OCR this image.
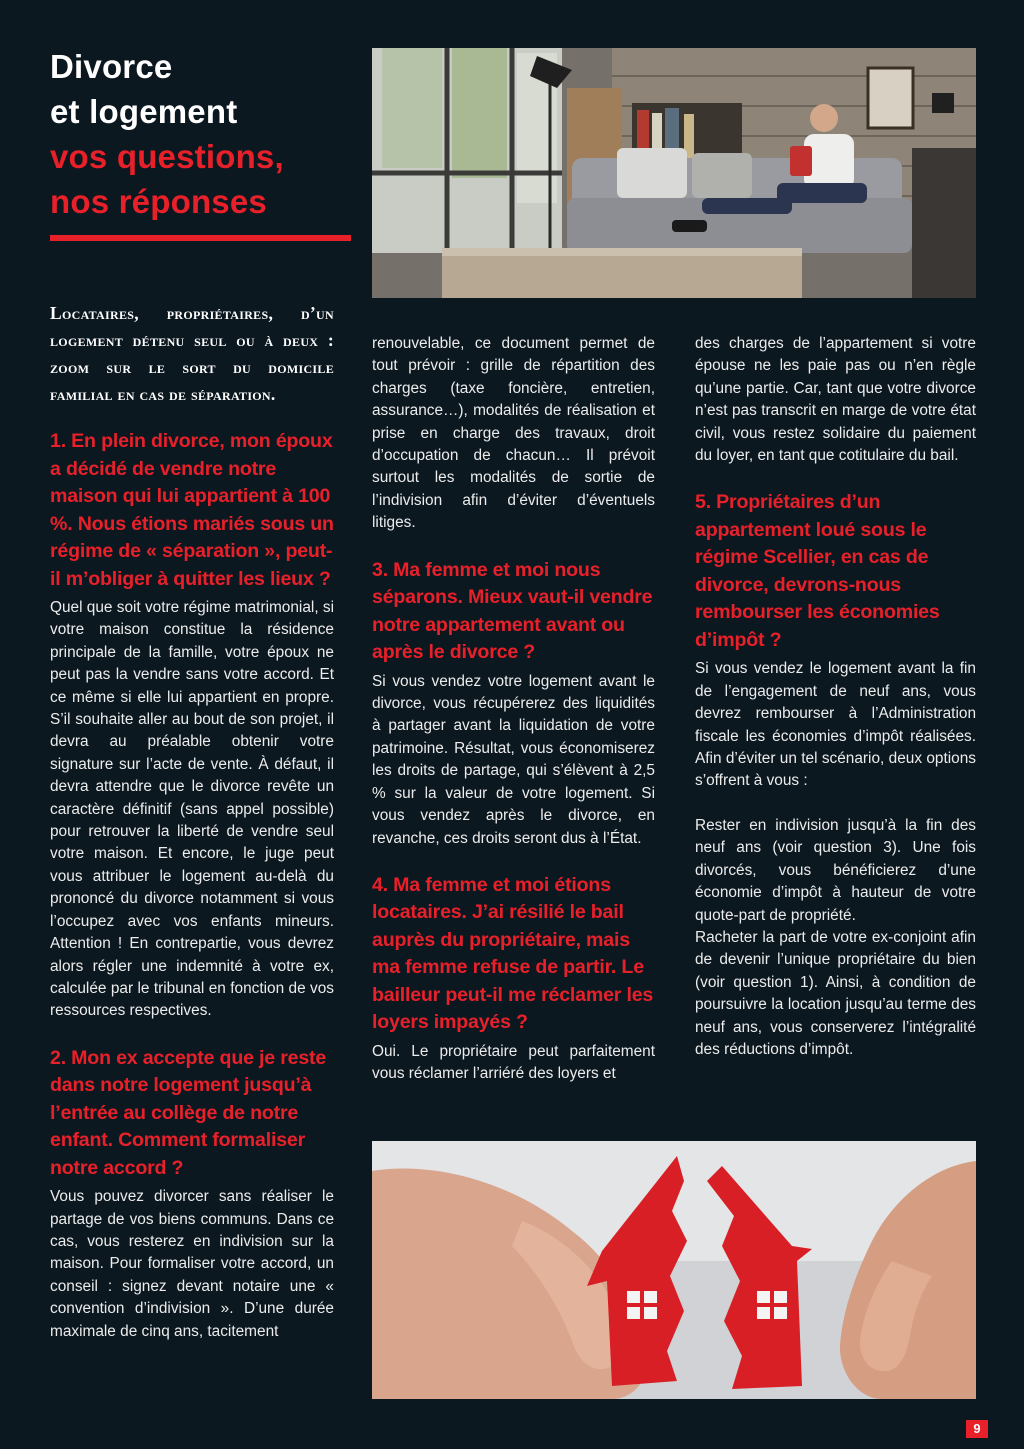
Divorce
et logement
vos questions,
nos réponses

Locataires, propriétaires, d’un logement détenu seul ou à deux : zoom sur le sort du domicile familial en cas de séparation.

1. En plein divorce, mon époux a décidé de vendre notre maison qui lui appartient à 100 %. Nous étions mariés sous un régime de « séparation », peut-il m’obliger à quitter les lieux ?

Quel que soit votre régime matrimonial, si votre maison constitue la résidence principale de la famille, votre époux ne peut pas la vendre sans votre accord. Et ce même si elle lui appartient en propre. S’il souhaite aller au bout de son projet, il devra au préalable obtenir votre signature sur l’acte de vente. À défaut, il devra attendre que le divorce revête un caractère définitif (sans appel possible) pour retrouver la liberté de vendre seul votre maison. Et encore, le juge peut vous attribuer le logement au-delà du prononcé du divorce notamment si vous l’occupez avec vos enfants mineurs. Attention ! En contrepartie, vous devrez alors régler une indemnité à votre ex, calculée par le tribunal en fonction de vos ressources respectives.

2. Mon ex accepte que je reste dans notre logement jusqu’à l’entrée au collège de notre enfant. Comment formaliser notre accord ?

Vous pouvez divorcer sans réaliser le partage de vos biens communs. Dans ce cas, vous resterez en indivision sur la maison. Pour formaliser votre accord, un conseil : signez devant notaire une « convention d’indivision ». D’une durée maximale de cinq ans, tacitement

renouvelable, ce document permet de tout prévoir : grille de répartition des charges (taxe foncière, entretien, assurance…), modalités de réalisation et prise en charge des travaux, droit d’occupation de chacun… Il prévoit surtout les modalités de sortie de l’indivision afin d’éviter d’éventuels litiges.

3. Ma femme et moi nous séparons. Mieux vaut-il vendre notre appartement avant ou après le divorce ?

Si vous vendez votre logement avant le divorce, vous récupérerez des liquidités à partager avant la liquidation de votre patrimoine. Résultat, vous économiserez les droits de partage, qui s’élèvent à 2,5 % sur la valeur de votre logement. Si vous vendez après le divorce, en revanche, ces droits seront dus à l’État.

4. Ma femme et moi étions locataires. J’ai résilié le bail auprès du propriétaire, mais ma femme refuse de partir. Le bailleur peut-il me réclamer les loyers impayés ?

Oui. Le propriétaire peut parfaitement vous réclamer l’arriéré des loyers et

des charges de l’appartement si votre épouse ne les paie pas ou n’en règle qu’une partie. Car, tant que votre divorce n’est pas transcrit en marge de votre état civil, vous restez solidaire du paiement du loyer, en tant que cotitulaire du bail.

5. Propriétaires d’un appartement loué sous le régime Scellier, en cas de divorce, devrons-nous rembourser les économies d’impôt ?

Si vous vendez le logement avant la fin de l’engagement de neuf ans, vous devrez rembourser à l’Administration fiscale les économies d’impôt réalisées. Afin d’éviter un tel scénario, deux options s’offrent à vous :

Rester en indivision jusqu’à la fin des neuf ans (voir question 3). Une fois divorcés, vous bénéficierez d’une économie d’impôt à hauteur de votre quote-part de propriété.

Racheter la part de votre ex-conjoint afin de devenir l’unique propriétaire du bien (voir question 1). Ainsi, à condition de poursuivre la location jusqu’au terme des neuf ans, vous conserverez l’intégralité des réductions d’impôt.

9
